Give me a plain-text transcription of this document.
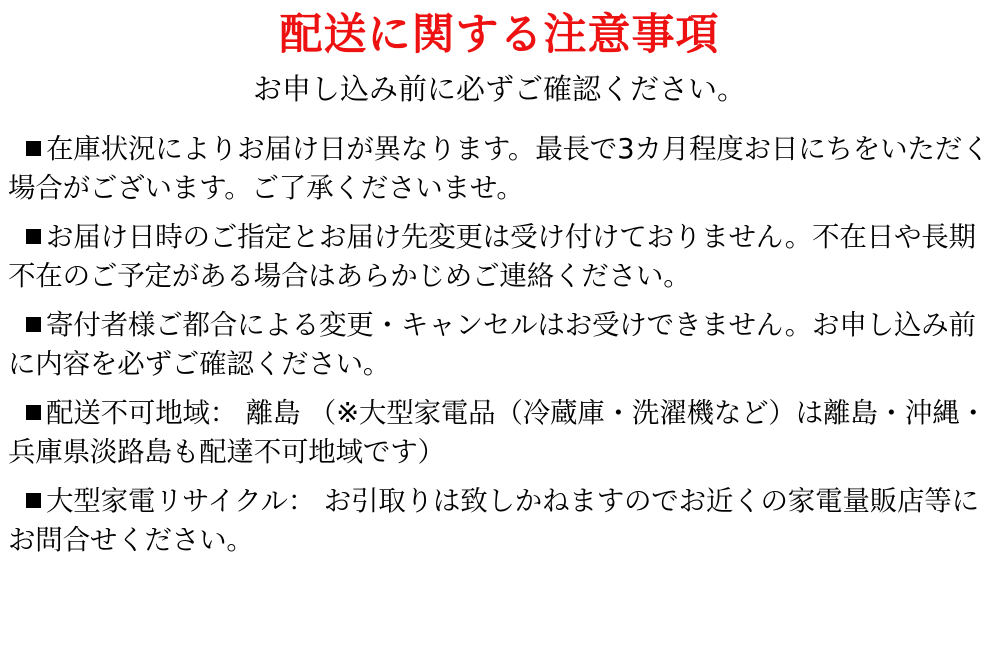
配送に関する注意事項
お申し込み前に必ずご確認ください。
在庫状況によりお届け日が異なります。最長で3カ月程度お日にちをいただく場合がございます。ご了承くださいませ。
お届け日時のご指定とお届け先変更は受け付けておりません。不在日や長期不在のご予定がある場合はあらかじめご連絡ください。
寄付者様ご都合による変更・キャンセルはお受けできません。お申し込み前に内容を必ずご確認ください。
配送不可地域： 離島 （※大型家電品（冷蔵庫・洗濯機など）は離島・沖縄・兵庫県淡路島も配達不可地域です）
大型家電リサイクル： お引取りは致しかねますのでお近くの家電量販店等にお問合せください。
